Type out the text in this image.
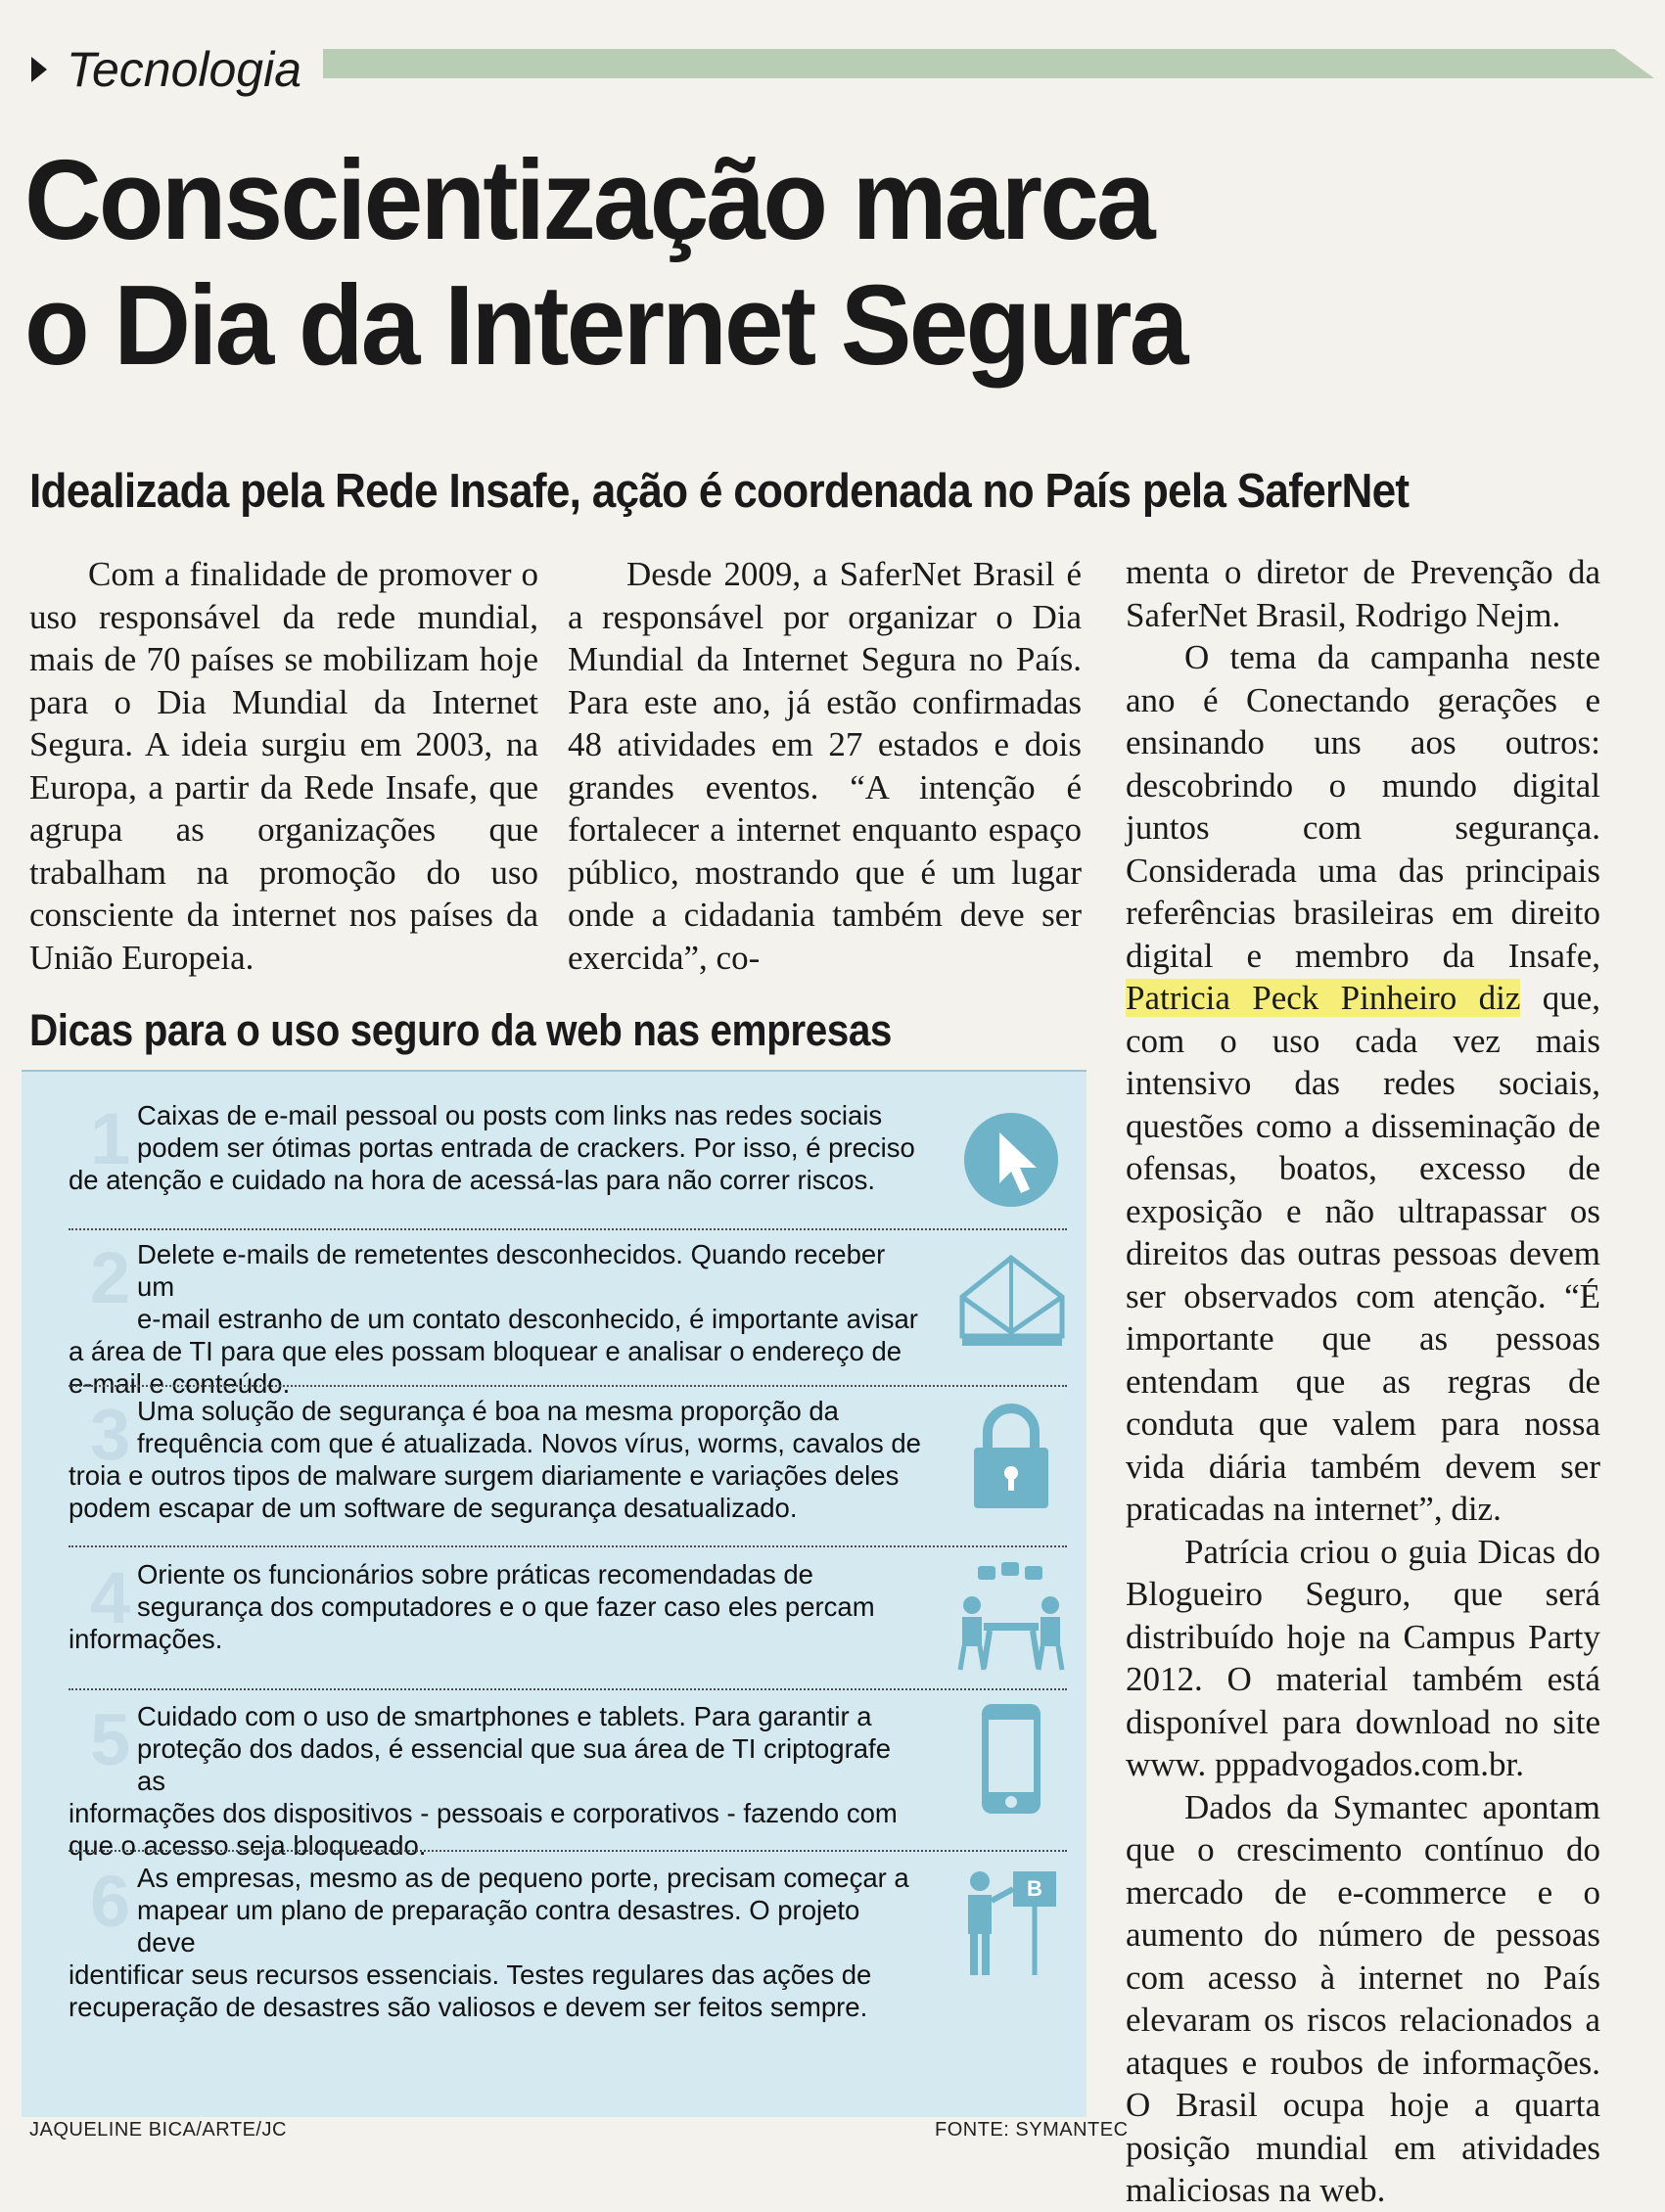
Tecnologia
Conscientização marca
o Dia da Internet Segura
Idealizada pela Rede Insafe, ação é coordenada no País pela SaferNet

Com a finalidade de promover o uso responsável da rede mundial, mais de 70 países se mobilizam hoje para o Dia Mundial da Internet Segura. A ideia surgiu em 2003, na Europa, a partir da Rede Insafe, que agrupa as organizações que trabalham na promoção do uso consciente da internet nos países da União Europeia.

Desde 2009, a SaferNet Brasil é a responsável por organizar o Dia Mundial da Internet Segura no País. Para este ano, já estão confirmadas 48 atividades em 27 estados e dois grandes eventos. “A intenção é fortalecer a internet enquanto espaço público, mostrando que é um lugar onde a cidadania também deve ser exercida”, co-

menta o diretor de Prevenção da SaferNet Brasil, Rodrigo Nejm.

O tema da campanha neste ano é Conectando gerações e ensinando uns aos outros: descobrindo o mundo digital juntos com segurança. Considerada uma das principais referências brasileiras em direito digital e membro da Insafe, Patricia Peck Pinheiro diz que, com o uso cada vez mais intensivo das redes sociais, questões como a disseminação de ofensas, boatos, excesso de exposição e não ultrapassar os direitos das outras pessoas devem ser observados com atenção. “É importante que as pessoas entendam que as regras de conduta que valem para nossa vida diária também devem ser praticadas na internet”, diz.

Patrícia criou o guia Dicas do Blogueiro Seguro, que será distribuído hoje na Campus Party 2012. O material também está disponível para download no site www. pppadvogados.com.br.

Dados da Symantec apontam que o crescimento contínuo do mercado de e-commerce e o aumento do número de pessoas com acesso à internet no País elevaram os riscos relacionados a ataques e roubos de informações. O Brasil ocupa hoje a quarta posição mundial em atividades maliciosas na web.

Dicas para o uso seguro da web nas empresas
1 Caixas de e-mail pessoal ou posts com links nas redes sociais
podem ser ótimas portas entrada de crackers. Por isso, é preciso
de atenção e cuidado na hora de acessá-las para não correr riscos.

2 Delete e-mails de remetentes desconhecidos. Quando receber um
e-mail estranho de um contato desconhecido, é importante avisar
a área de TI para que eles possam bloquear e analisar o endereço de
e-mail e conteúdo.

3 Uma solução de segurança é boa na mesma proporção da
frequência com que é atualizada. Novos vírus, worms, cavalos de
troia e outros tipos de malware surgem diariamente e variações deles
podem escapar de um software de segurança desatualizado.

4 Oriente os funcionários sobre práticas recomendadas de
segurança dos computadores e o que fazer caso eles percam
informações.

5 Cuidado com o uso de smartphones e tablets. Para garantir a
proteção dos dados, é essencial que sua área de TI criptografe as
informações dos dispositivos - pessoais e corporativos - fazendo com
que o acesso seja bloqueado.

6 As empresas, mesmo as de pequeno porte, precisam começar a
mapear um plano de preparação contra desastres. O projeto deve
identificar seus recursos essenciais. Testes regulares das ações de
recuperação de desastres são valiosos e devem ser feitos sempre.

B
JAQUELINE BICA/ARTE/JC	FONTE: SYMANTEC
